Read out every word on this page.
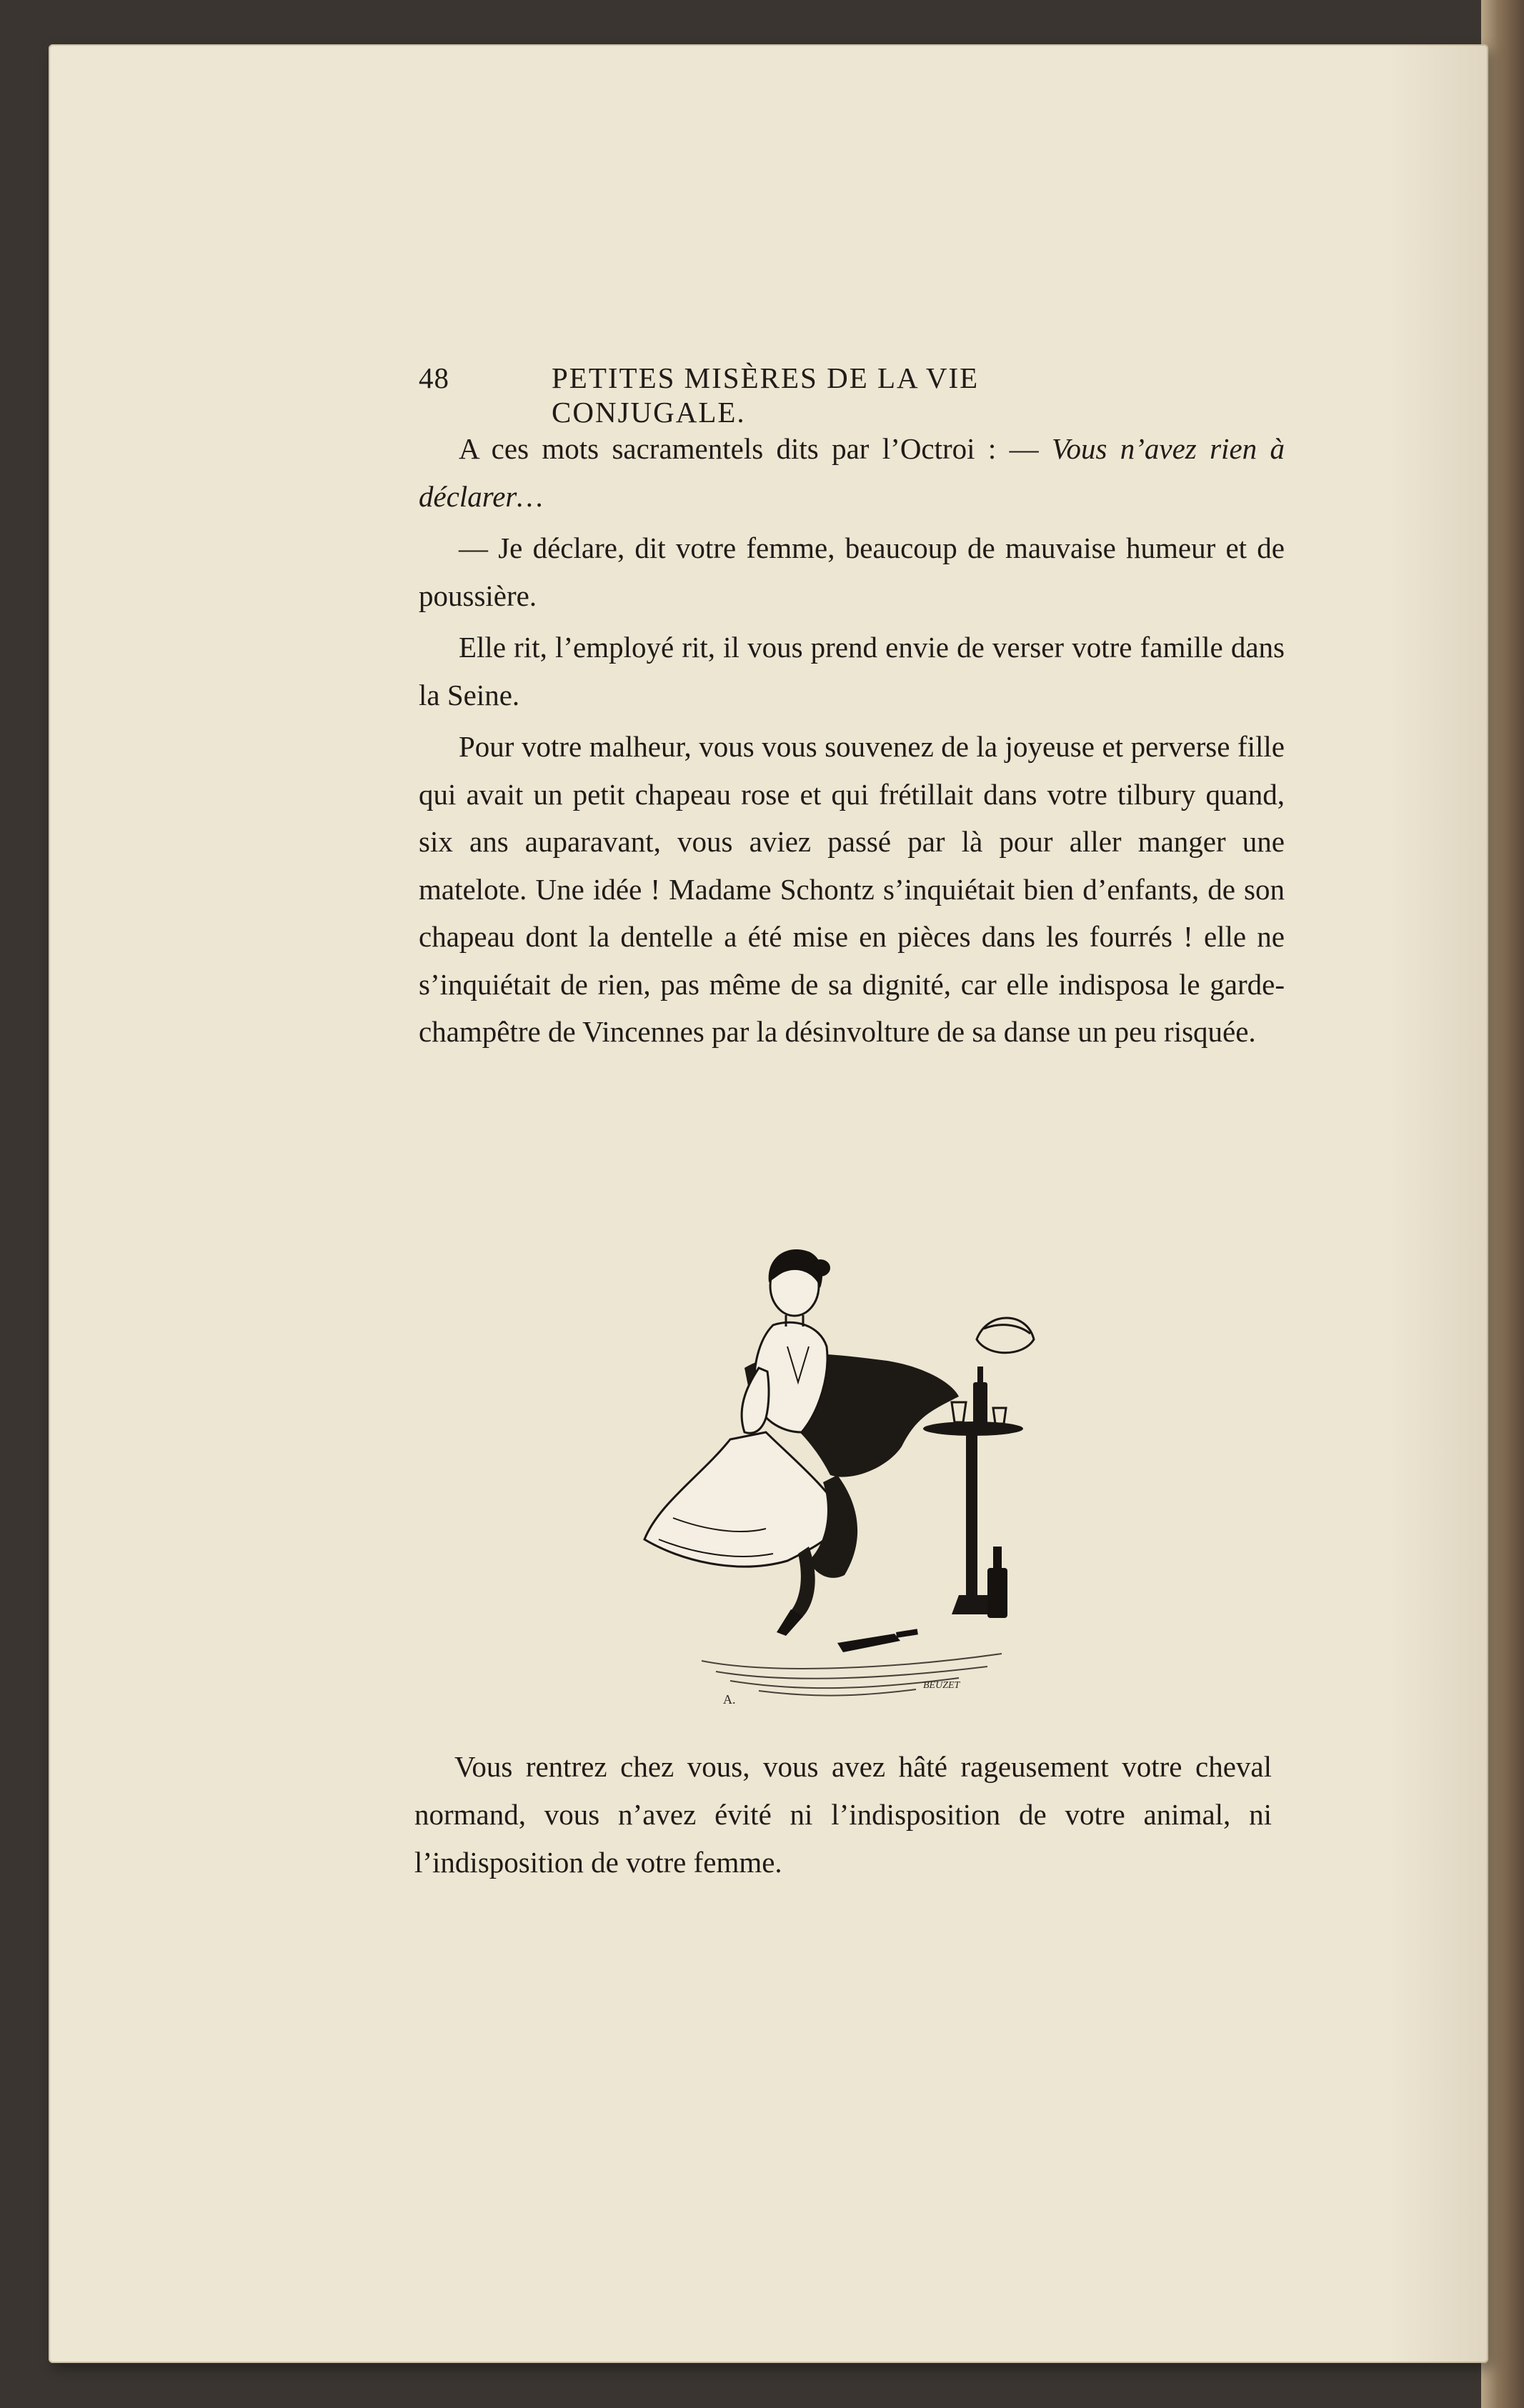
48	PETITES MISÈRES DE LA VIE CONJUGALE.

A ces mots sacramentels dits par l’Octroi : — Vous n’avez rien à déclarer…

— Je déclare, dit votre femme, beaucoup de mauvaise humeur et de poussière.

Elle rit, l’employé rit, il vous prend envie de verser votre famille dans la Seine.

Pour votre malheur, vous vous souvenez de la joyeuse et perverse fille qui avait un petit chapeau rose et qui frétillait dans votre tilbury quand, six ans auparavant, vous aviez passé par là pour aller manger une matelote. Une idée ! Madame Schontz s’inquiétait bien d’enfants, de son chapeau dont la dentelle a été mise en pièces dans les fourrés ! elle ne s’inquiétait de rien, pas même de sa dignité, car elle indisposa le garde-champêtre de Vincennes par la désinvolture de sa danse un peu risquée.

A.
BEUZET

Vous rentrez chez vous, vous avez hâté rageusement votre cheval normand, vous n’avez évité ni l’indisposition de votre animal, ni l’indisposition de votre femme.
